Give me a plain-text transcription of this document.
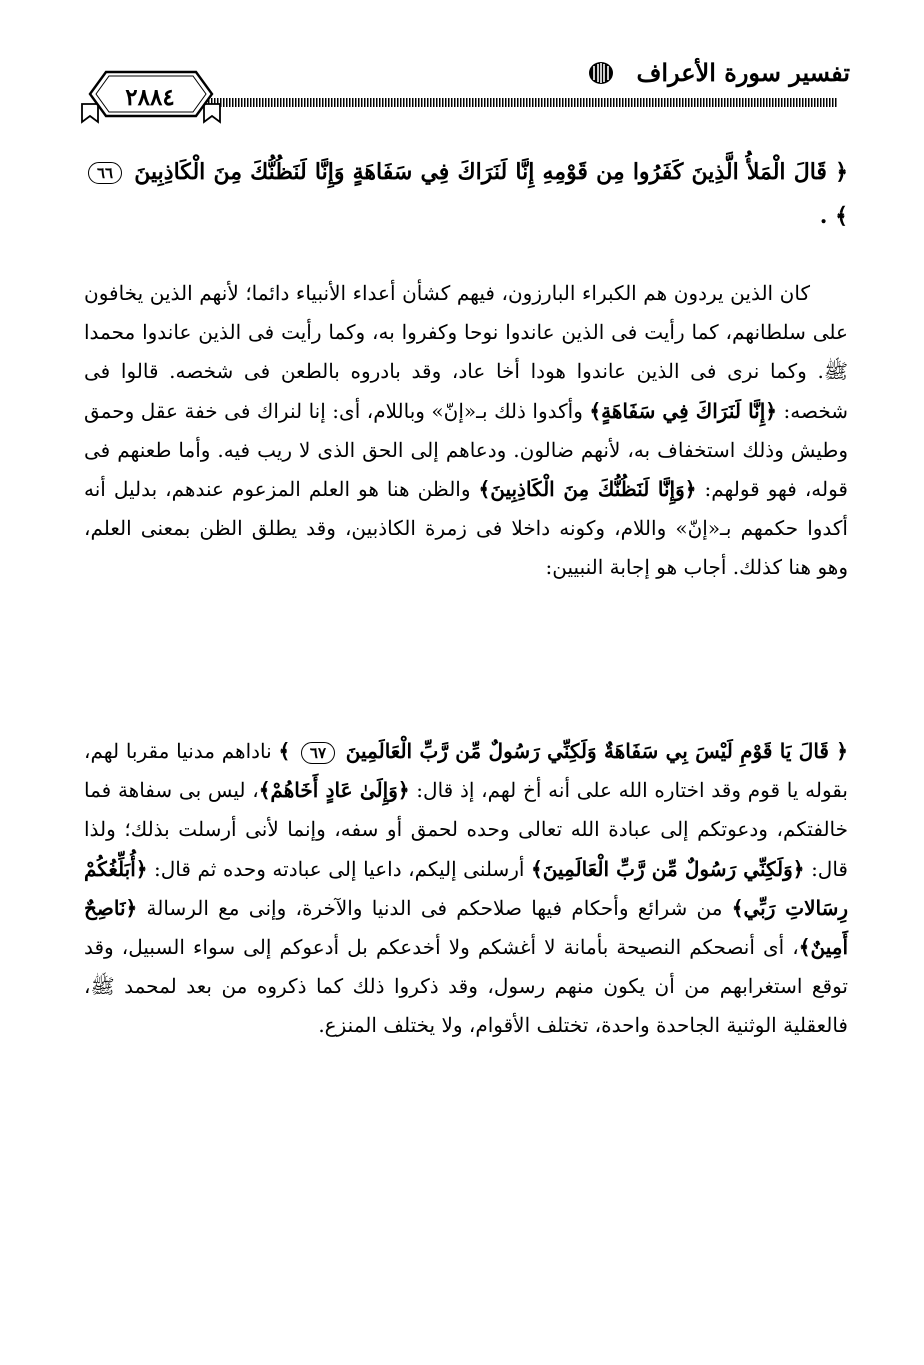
تفسير سورة الأعراف
٢٨٨٤
﴿ قَالَ الْمَلأُ الَّذِينَ كَفَرُوا مِن قَوْمِهِ إِنَّا لَنَرَاكَ فِي سَفَاهَةٍ وَإِنَّا لَنَظُنُّكَ مِنَ الْكَاذِبِينَ ٦٦ ﴾ .
كان الذين يردون هم الكبراء البارزون، فيهم كشأن أعداء الأنبياء دائما؛ لأنهم الذين يخافون على سلطانهم، كما رأيت فى الذين عاندوا نوحا وكفروا به، وكما رأيت فى الذين عاندوا محمدا ﷺ. وكما نرى فى الذين عاندوا هودا أخا عاد، وقد بادروه بالطعن فى شخصه. قالوا فى شخصه: ﴿إِنَّا لَنَرَاكَ فِي سَفَاهَةٍ﴾ وأكدوا ذلك بـ«إنّ» وباللام، أى: إنا لنراك فى خفة عقل وحمق وطيش وذلك استخفاف به، لأنهم ضالون. ودعاهم إلى الحق الذى لا ريب فيه. وأما طعنهم فى قوله، فهو قولهم: ﴿وَإِنَّا لَنَظُنُّكَ مِنَ الْكَاذِبِينَ﴾ والظن هنا هو العلم المزعوم عندهم، بدليل أنه أكدوا حكمهم بـ«إنّ» واللام، وكونه داخلا فى زمرة الكاذبين، وقد يطلق الظن بمعنى العلم، وهو هنا كذلك. أجاب هو إجابة النبيين:
﴿ قَالَ يَا قَوْمِ لَيْسَ بِي سَفَاهَةٌ وَلَكِنِّي رَسُولٌ مِّن رَّبِّ الْعَالَمِينَ ٦٧ ﴾ ناداهم مدنيا مقربا لهم، بقوله يا قوم وقد اختاره الله على أنه أخ لهم، إذ قال: ﴿وَإِلَىٰ عَادٍ أَخَاهُمْ﴾، ليس بى سفاهة فما خالفتكم، ودعوتكم إلى عبادة الله تعالى وحده لحمق أو سفه، وإنما لأنى أرسلت بذلك؛ ولذا قال: ﴿وَلَكِنِّي رَسُولٌ مِّن رَّبِّ الْعَالَمِينَ﴾ أرسلنى إليكم، داعيا إلى عبادته وحده ثم قال: ﴿أُبَلِّغُكُمْ رِسَالاتِ رَبِّي﴾ من شرائع وأحكام فيها صلاحكم فى الدنيا والآخرة، وإنى مع الرسالة ﴿نَاصِحٌ أَمِينٌ﴾، أى أنصحكم النصيحة بأمانة لا أغشكم ولا أخدعكم بل أدعوكم إلى سواء السبيل، وقد توقع استغرابهم من أن يكون منهم رسول، وقد ذكروا ذلك كما ذكروه من بعد لمحمد ﷺ، فالعقلية الوثنية الجاحدة واحدة، تختلف الأقوام، ولا يختلف المنزع.
